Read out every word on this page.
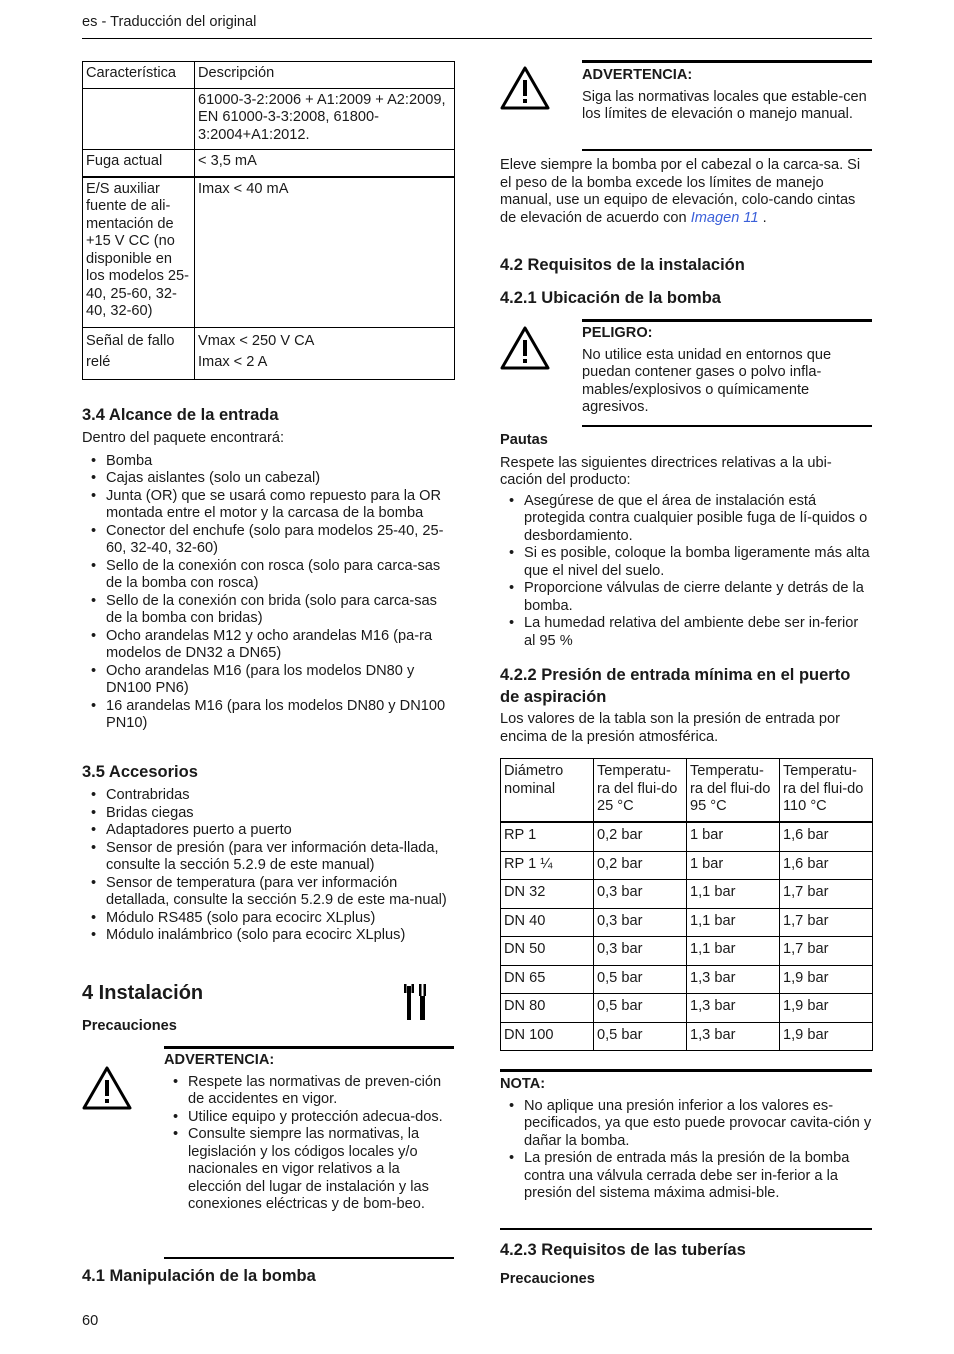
es - Traducción del original
Característica	Descripción
	61000-3-2:2006 + A1:2009 + A2:2009, EN 61000-3-3:2008, 61800-3:2004+A1:2012.
Fuga actual	< 3,5 mA
E/S auxiliar fuente de ali-mentación de +15 V CC (no disponible en los modelos 25-40, 25-60, 32-40, 32-60)	Imax < 40 mA
Señal de fallo relé	Vmax < 250 V CA
Imax < 2 A
3.4 Alcance de la entrada

Dentro del paquete encontrará:

• Bomba
• Cajas aislantes (solo un cabezal)
• Junta (OR) que se usará como repuesto para la OR montada entre el motor y la carcasa de la bomba
• Conector del enchufe (solo para modelos 25-40, 25-60, 32-40, 32-60)
• Sello de la conexión con rosca (solo para carca-sas de la bomba con rosca)
• Sello de la conexión con brida (solo para carca-sas de la bomba con bridas)
• Ocho arandelas M12 y ocho arandelas M16 (pa-ra modelos de DN32 a DN65)
• Ocho arandelas M16 (para los modelos DN80 y DN100 PN6)
• 16 arandelas M16 (para los modelos DN80 y DN100 PN10)
3.5 Accesorios
• Contrabridas
• Bridas ciegas
• Adaptadores puerto a puerto
• Sensor de presión (para ver información deta-llada, consulte la sección 5.2.9 de este manual)
• Sensor de temperatura (para ver información detallada, consulte la sección 5.2.9 de este ma-nual)
• Módulo RS485 (solo para ecocirc XLplus)
• Módulo inalámbrico (solo para ecocirc XLplus)
4 Instalación
Precauciones
ADVERTENCIA:
• Respete las normativas de preven-ción de accidentes en vigor.
• Utilice equipo y protección adecua-dos.
• Consulte siempre las normativas, la legislación y los códigos locales y/o nacionales en vigor relativos a la elección del lugar de instalación y las conexiones eléctricas y de bom-beo.
4.1 Manipulación de la bomba
60
ADVERTENCIA:

Siga las normativas locales que estable-cen los límites de elevación o manejo manual.

Eleve siempre la bomba por el cabezal o la carca-sa. Si el peso de la bomba excede los límites de manejo manual, use un equipo de elevación, colo-cando cintas de elevación de acuerdo con Imagen 11 .

4.2 Requisitos de la instalación
4.2.1 Ubicación de la bomba
PELIGRO:

No utilice esta unidad en entornos que puedan contener gases o polvo infla-mables/explosivos o químicamente agresivos.

Pautas

Respete las siguientes directrices relativas a la ubi-cación del producto:

• Asegúrese de que el área de instalación está protegida contra cualquier posible fuga de lí-quidos o desbordamiento.
• Si es posible, coloque la bomba ligeramente más alta que el nivel del suelo.
• Proporcione válvulas de cierre delante y detrás de la bomba.
• La humedad relativa del ambiente debe ser in-ferior al 95 %
4.2.2 Presión de entrada mínima en el puerto de aspiración

Los valores de la tabla son la presión de entrada por encima de la presión atmosférica.

Diámetro nominal	Temperatu-ra del flui-do 25 °C	Temperatu-ra del flui-do 95 °C	Temperatu-ra del flui-do 110 °C
RP 1	0,2 bar	1 bar	1,6 bar
RP 1 ¼	0,2 bar	1 bar	1,6 bar
DN 32	0,3 bar	1,1 bar	1,7 bar
DN 40	0,3 bar	1,1 bar	1,7 bar
DN 50	0,3 bar	1,1 bar	1,7 bar
DN 65	0,5 bar	1,3 bar	1,9 bar
DN 80	0,5 bar	1,3 bar	1,9 bar
DN 100	0,5 bar	1,3 bar	1,9 bar
NOTA:
• No aplique una presión inferior a los valores es-pecificados, ya que esto puede provocar cavita-ción y dañar la bomba.
• La presión de entrada más la presión de la bomba contra una válvula cerrada debe ser in-ferior a la presión del sistema máxima admisi-ble.
4.2.3 Requisitos de las tuberías
Precauciones
